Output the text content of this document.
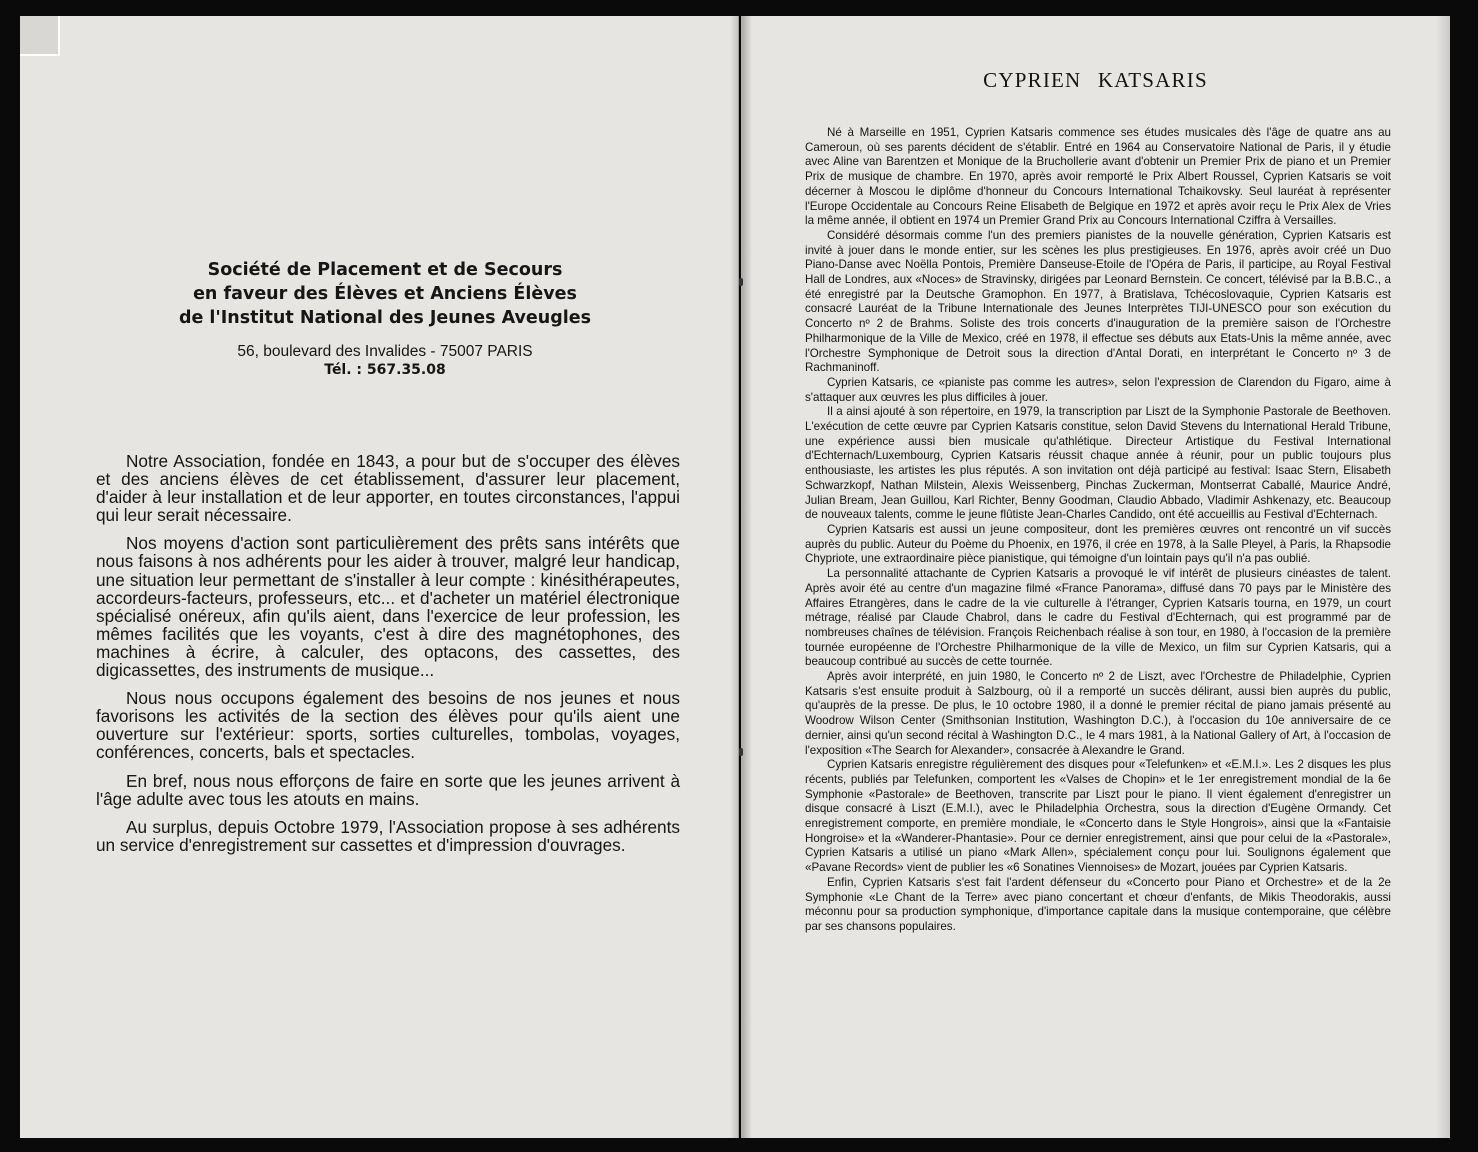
Société de Placement et de Secours
en faveur des Élèves et Anciens Élèves
de l'Institut National des Jeunes Aveugles
56, boulevard des Invalides - 75007 PARIS
Tél. : 567.35.08

Notre Association, fondée en 1843, a pour but de s'occuper des élèves et des anciens élèves de cet établissement, d'assurer leur placement, d'aider à leur installation et de leur apporter, en toutes circonstances, l'appui qui leur serait nécessaire.

Nos moyens d'action sont particulièrement des prêts sans intérêts que nous faisons à nos adhérents pour les aider à trouver, malgré leur handicap, une situation leur permettant de s'installer à leur compte : kinésithérapeutes, accordeurs-facteurs, professeurs, etc... et d'acheter un matériel électronique spécialisé onéreux, afin qu'ils aient, dans l'exercice de leur profession, les mêmes facilités que les voyants, c'est à dire des magnétophones, des machines à écrire, à calculer, des optacons, des cassettes, des digicassettes, des instruments de musique...

Nous nous occupons également des besoins de nos jeunes et nous favorisons les activités de la section des élèves pour qu'ils aient une ouverture sur l'extérieur: sports, sorties culturelles, tombolas, voyages, conférences, concerts, bals et spectacles.

En bref, nous nous efforçons de faire en sorte que les jeunes arrivent à l'âge adulte avec tous les atouts en mains.

Au surplus, depuis Octobre 1979, l'Association propose à ses adhérents un service d'enregistrement sur cassettes et d'impression d'ouvrages.

CYPRIEN KATSARIS

Né à Marseille en 1951, Cyprien Katsaris commence ses études musicales dès l'âge de quatre ans au Cameroun, où ses parents décident de s'établir. Entré en 1964 au Conservatoire National de Paris, il y étudie avec Aline van Barentzen et Monique de la Bruchollerie avant d'obtenir un Premier Prix de piano et un Premier Prix de musique de chambre. En 1970, après avoir remporté le Prix Albert Roussel, Cyprien Katsaris se voit décerner à Moscou le diplôme d'honneur du Concours International Tchaikovsky. Seul lauréat à représenter l'Europe Occidentale au Concours Reine Elisabeth de Belgique en 1972 et après avoir reçu le Prix Alex de Vries la même année, il obtient en 1974 un Premier Grand Prix au Concours International Cziffra à Versailles.

Considéré désormais comme l'un des premiers pianistes de la nouvelle génération, Cyprien Katsaris est invité à jouer dans le monde entier, sur les scènes les plus prestigieuses. En 1976, après avoir créé un Duo Piano-Danse avec Noëlla Pontois, Première Danseuse-Etoile de l'Opéra de Paris, il participe, au Royal Festival Hall de Londres, aux «Noces» de Stravinsky, dirigées par Leonard Bernstein. Ce concert, télévisé par la B.B.C., a été enregistré par la Deutsche Gramophon. En 1977, à Bratislava, Tchécoslovaquie, Cyprien Katsaris est consacré Lauréat de la Tribune Internationale des Jeunes Interprètes TIJI-UNESCO pour son exécution du Concerto nº 2 de Brahms. Soliste des trois concerts d'inauguration de la première saison de l'Orchestre Philharmonique de la Ville de Mexico, créé en 1978, il effectue ses débuts aux Etats-Unis la même année, avec l'Orchestre Symphonique de Detroit sous la direction d'Antal Dorati, en interprétant le Concerto nº 3 de Rachmaninoff.

Cyprien Katsaris, ce «pianiste pas comme les autres», selon l'expression de Clarendon du Figaro, aime à s'attaquer aux œuvres les plus difficiles à jouer.

Il a ainsi ajouté à son répertoire, en 1979, la transcription par Liszt de la Symphonie Pastorale de Beethoven. L'exécution de cette œuvre par Cyprien Katsaris constitue, selon David Stevens du International Herald Tribune, une expérience aussi bien musicale qu'athlétique. Directeur Artistique du Festival International d'Echternach/Luxembourg, Cyprien Katsaris réussit chaque année à réunir, pour un public toujours plus enthousiaste, les artistes les plus réputés. A son invitation ont déjà participé au festival: Isaac Stern, Elisabeth Schwarzkopf, Nathan Milstein, Alexis Weissenberg, Pinchas Zuckerman, Montserrat Caballé, Maurice André, Julian Bream, Jean Guillou, Karl Richter, Benny Goodman, Claudio Abbado, Vladimir Ashkenazy, etc. Beaucoup de nouveaux talents, comme le jeune flûtiste Jean-Charles Candido, ont été accueillis au Festival d'Echternach.

Cyprien Katsaris est aussi un jeune compositeur, dont les premières œuvres ont rencontré un vif succès auprès du public. Auteur du Poème du Phoenix, en 1976, il crée en 1978, à la Salle Pleyel, à Paris, la Rhapsodie Chypriote, une extraordinaire pièce pianistique, qui témoigne d'un lointain pays qu'il n'a pas oublié.

La personnalité attachante de Cyprien Katsaris a provoqué le vif intérêt de plusieurs cinéastes de talent. Après avoir été au centre d'un magazine filmé «France Panorama», diffusé dans 70 pays par le Ministère des Affaires Etrangères, dans le cadre de la vie culturelle à l'étranger, Cyprien Katsaris tourna, en 1979, un court métrage, réalisé par Claude Chabrol, dans le cadre du Festival d'Echternach, qui est programmé par de nombreuses chaînes de télévision. François Reichenbach réalise à son tour, en 1980, à l'occasion de la première tournée européenne de l'Orchestre Philharmonique de la ville de Mexico, un film sur Cyprien Katsaris, qui a beaucoup contribué au succès de cette tournée.

Après avoir interprété, en juin 1980, le Concerto nº 2 de Liszt, avec l'Orchestre de Philadelphie, Cyprien Katsaris s'est ensuite produit à Salzbourg, où il a remporté un succès délirant, aussi bien auprès du public, qu'auprès de la presse. De plus, le 10 octobre 1980, il a donné le premier récital de piano jamais présenté au Woodrow Wilson Center (Smithsonian Institution, Washington D.C.), à l'occasion du 10e anniversaire de ce dernier, ainsi qu'un second récital à Washington D.C., le 4 mars 1981, à la National Gallery of Art, à l'occasion de l'exposition «The Search for Alexander», consacrée à Alexandre le Grand.

Cyprien Katsaris enregistre régulièrement des disques pour «Telefunken» et «E.M.I.». Les 2 disques les plus récents, publiés par Telefunken, comportent les «Valses de Chopin» et le 1er enregistrement mondial de la 6e Symphonie «Pastorale» de Beethoven, transcrite par Liszt pour le piano. Il vient également d'enregistrer un disque consacré à Liszt (E.M.I.), avec le Philadelphia Orchestra, sous la direction d'Eugène Ormandy. Cet enregistrement comporte, en première mondiale, le «Concerto dans le Style Hongrois», ainsi que la «Fantaisie Hongroise» et la «Wanderer-Phantasie». Pour ce dernier enregistrement, ainsi que pour celui de la «Pastorale», Cyprien Katsaris a utilisé un piano «Mark Allen», spécialement conçu pour lui. Soulignons également que «Pavane Records» vient de publier les «6 Sonatines Viennoises» de Mozart, jouées par Cyprien Katsaris.

Enfin, Cyprien Katsaris s'est fait l'ardent défenseur du «Concerto pour Piano et Orchestre» et de la 2e Symphonie «Le Chant de la Terre» avec piano concertant et chœur d'enfants, de Mikis Theodorakis, aussi méconnu pour sa production symphonique, d'importance capitale dans la musique contemporaine, que célèbre par ses chansons populaires.
